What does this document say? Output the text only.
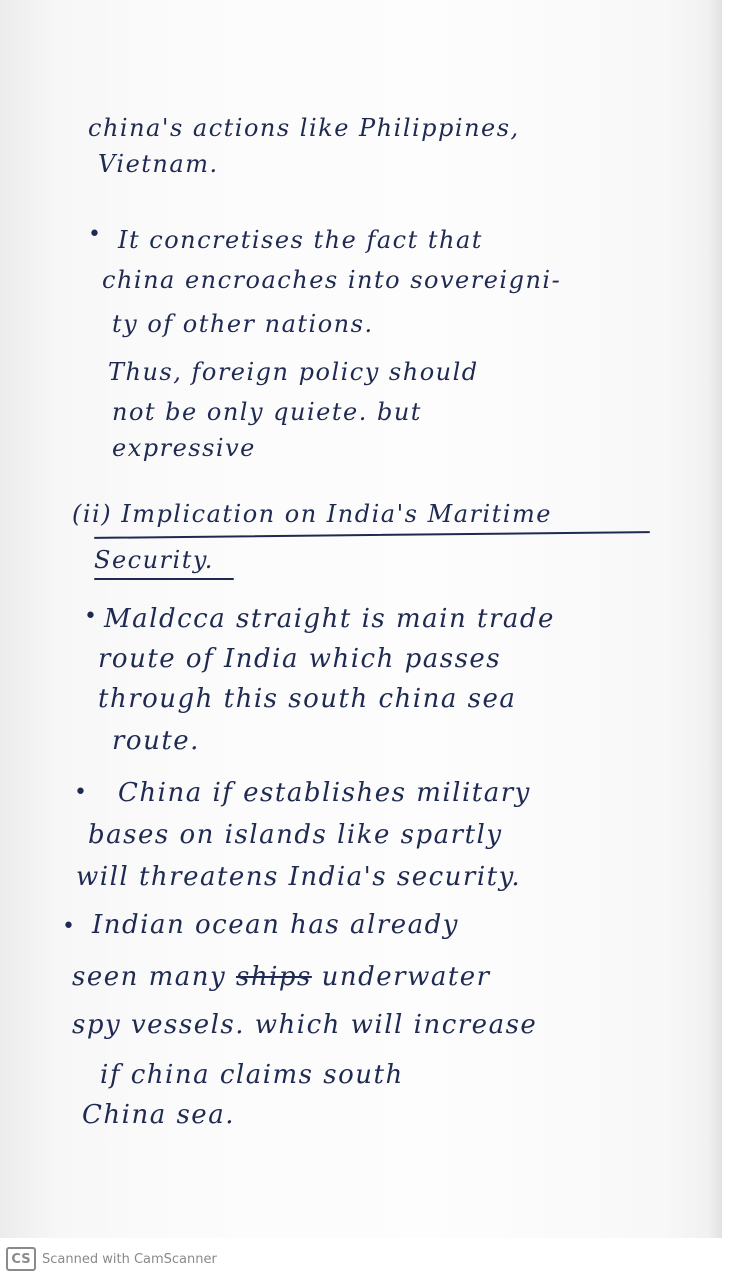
china's actions like Philippines,
Vietnam.
• It concretises the fact that
china encroaches into sovereigni-
ty of other nations.
Thus, foreign policy should
not be only quiete. but
expressive
(ii) Implication on India's Maritime
Security.
• Maldcca straight is main trade
route of India which passes
through this south china sea
route.
• China if establishes military
bases on islands like spartly
will threatens India's security.
• Indian ocean has already
seen many ships underwater
spy vessels. which will increase
if china claims south
China sea.
CS Scanned with CamScanner
